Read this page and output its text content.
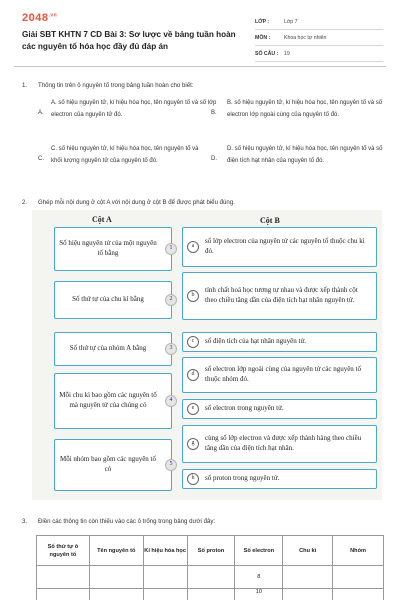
$2048^{.vn}$
Giải SBT KHTN 7 CD Bài 3: Sơ lược về bảng tuần hoàn các nguyên tố hóa học đầy đủ đáp án
LỚP :	Lớp 7
MÔN :	Khoa học tự nhiên
SỐ CÂU :	19
1. Thông tin trên ô nguyên tố trong bảng tuần hoàn cho biết:
A.
A. số hiệu nguyên tử, kí hiệu hóa học, tên nguyên tố và số lớp electron của nguyên tử đó.	B.
B. số hiệu nguyên tử, kí hiệu hóa học, tên nguyên tố và số electron lớp ngoài cùng của nguyên tố đó.
C.
C. số hiệu nguyên tử, kí hiệu hóa học, tên nguyên tố và khối lượng nguyên tử của nguyên tố đó.	D.
D. số hiệu nguyên tử, kí hiệu hóa học, tên nguyên tố và số điện tích hạt nhân của nguyên tố đó.
2. Ghép mỗi nội dung ở cột A với nội dung ở cột B để được phát biểu đúng.
Cột A	Cột B
Số hiệu nguyên tử của một nguyên tố bằng
1
Số thứ tự của chu kì bằng	2
Số thứ tự của nhóm A bằng	3
Mỗi chu kì bao gồm các nguyên tố mà nguyên tử của chúng có
4
Mỗi nhóm bao gồm các nguyên tố có
5
a
số lớp electron của nguyên tử các nguyên tố thuộc chu kì đó.
b
tính chất hoá học tương tự nhau và được xếp thành cột theo chiều tăng dần của điện tích hạt nhân nguyên tử.
c	số điện tích của hạt nhân nguyên tử.
d
số electron lớp ngoài cùng của nguyên tử các nguyên tố thuộc nhóm đó.
e	số electron trong nguyên tử.
g
cùng số lớp electron và được xếp thành hàng theo chiều tăng dần của điện tích hạt nhân.
h	số proton trong nguyên tử.
3. Điền các thông tin còn thiếu vào các ô trống trong bảng dưới đây:
Số thứ tự ô nguyên tố	Tên nguyên tố	Kí hiệu hóa học	Số proton	Số electron	Chu kì	Nhóm
				8		
				10		
